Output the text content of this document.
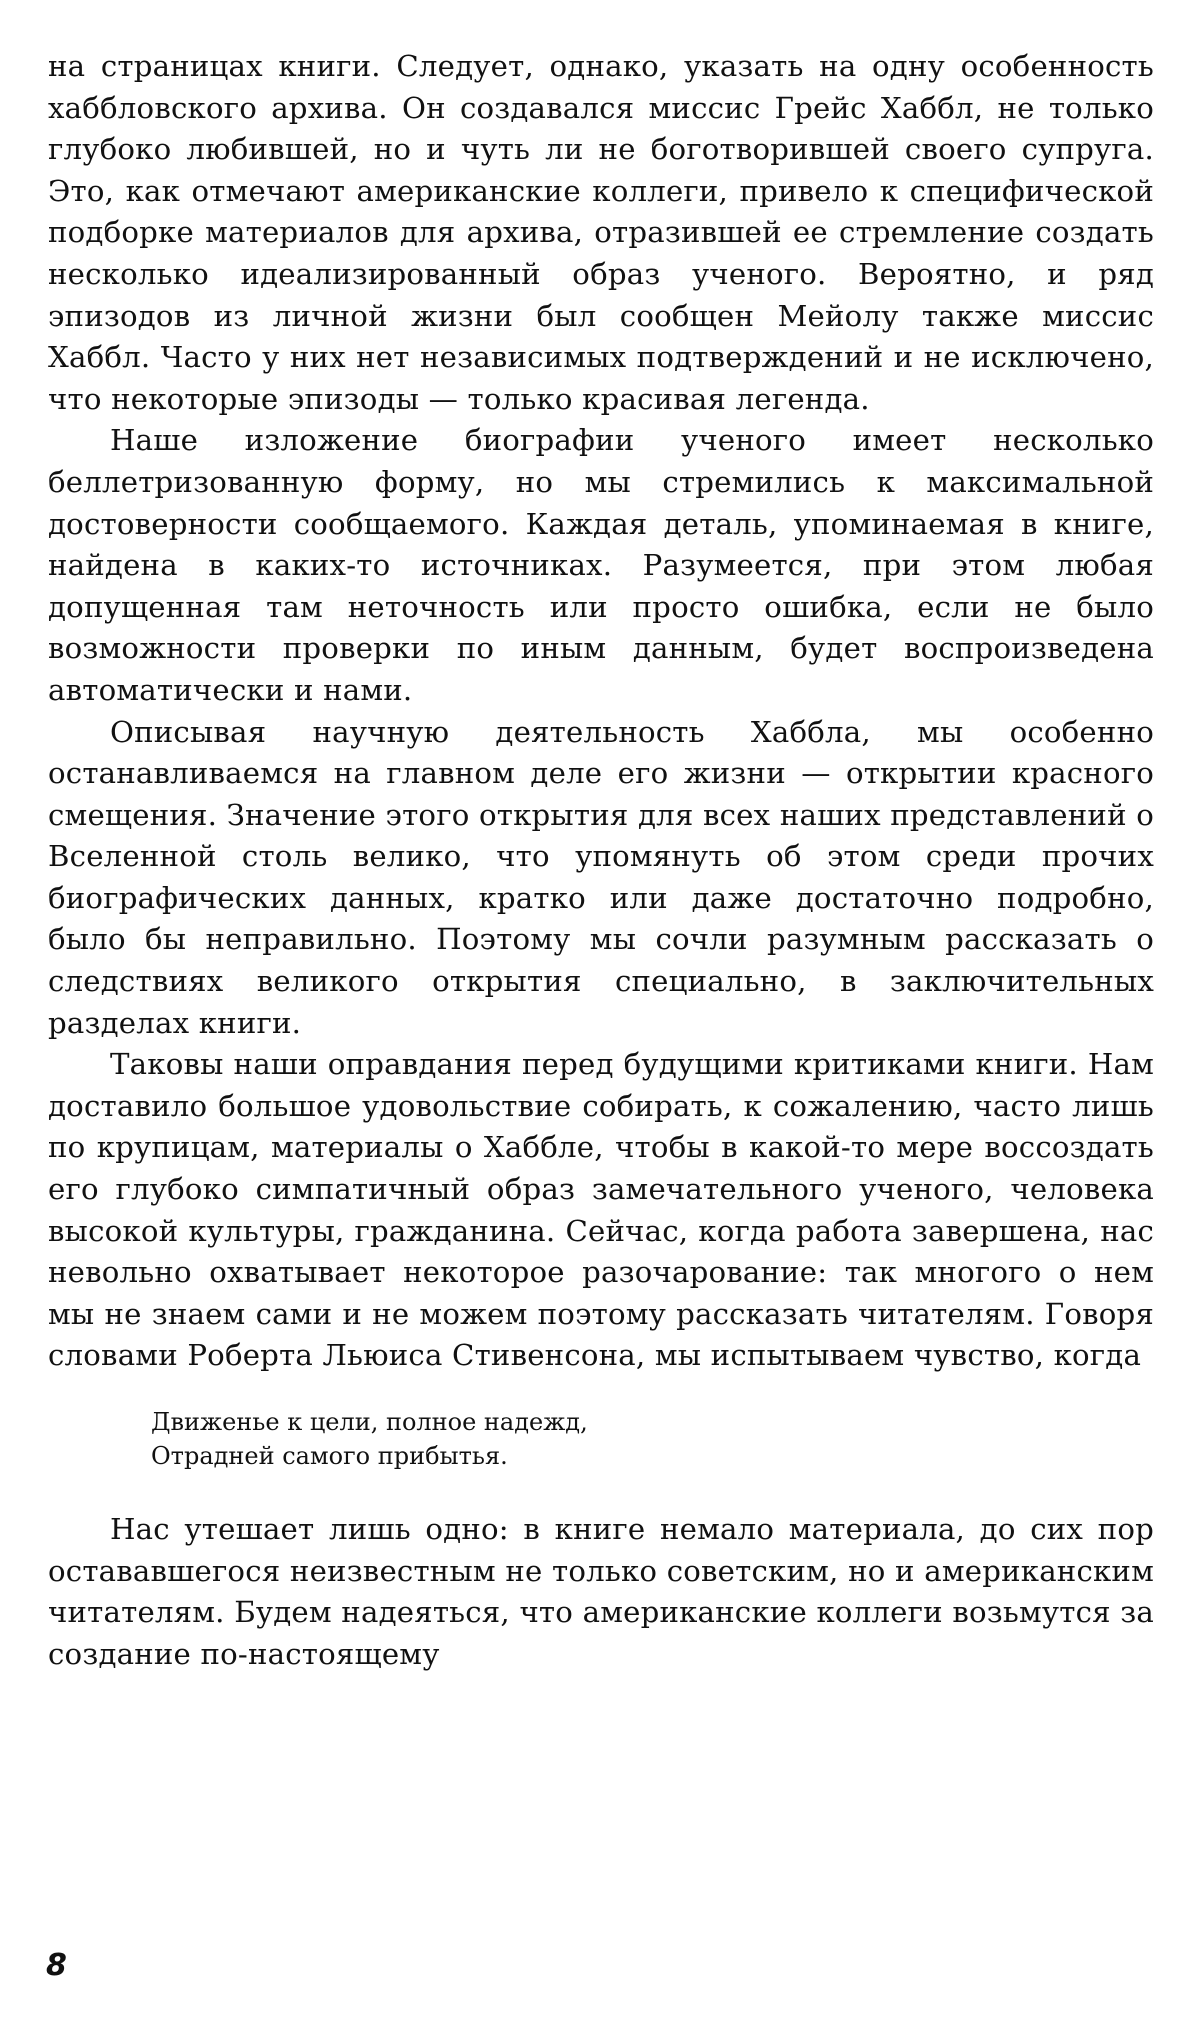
на страницах книги. Следует, однако, указать на одну особенность хаббловского архива. Он создавался миссис Грейс Хаббл, не только глубоко любившей, но и чуть ли не боготворившей своего супруга. Это, как отмечают американские коллеги, привело к специфической подборке материалов для архива, отразившей ее стремление создать несколько идеализированный образ ученого. Вероятно, и ряд эпизодов из личной жизни был сообщен Мейолу также миссис Хаббл. Часто у них нет независимых подтверждений и не исключено, что некоторые эпизоды — только красивая легенда.

Наше изложение биографии ученого имеет несколько беллетризованную форму, но мы стремились к максимальной достоверности сообщаемого. Каждая деталь, упоминаемая в книге, найдена в каких-то источниках. Разумеется, при этом любая допущенная там неточность или просто ошибка, если не было возможности проверки по иным данным, будет воспроизведена автоматически и нами.

Описывая научную деятельность Хаббла, мы особенно останавливаемся на главном деле его жизни — открытии красного смещения. Значение этого открытия для всех наших представлений о Вселенной столь велико, что упомянуть об этом среди прочих биографических данных, кратко или даже достаточно подробно, было бы неправильно. Поэтому мы сочли разумным рассказать о следствиях великого открытия специально, в заключительных разделах книги.

Таковы наши оправдания перед будущими критиками книги. Нам доставило большое удовольствие собирать, к сожалению, часто лишь по крупицам, материалы о Хаббле, чтобы в какой-то мере воссоздать его глубоко симпатичный образ замечательного ученого, человека высокой культуры, гражданина. Сейчас, когда работа завершена, нас невольно охватывает некоторое разочарование: так многого о нем мы не знаем сами и не можем поэтому рассказать читателям. Говоря словами Роберта Льюиса Стивенсона, мы испытываем чувство, когда

Движенье к цели, полное надежд,
Отрадней самого прибытья.

Нас утешает лишь одно: в книге немало материала, до сих пор остававшегося неизвестным не только советским, но и американским читателям. Будем надеяться, что американские коллеги возьмутся за создание по-настоящему

8
